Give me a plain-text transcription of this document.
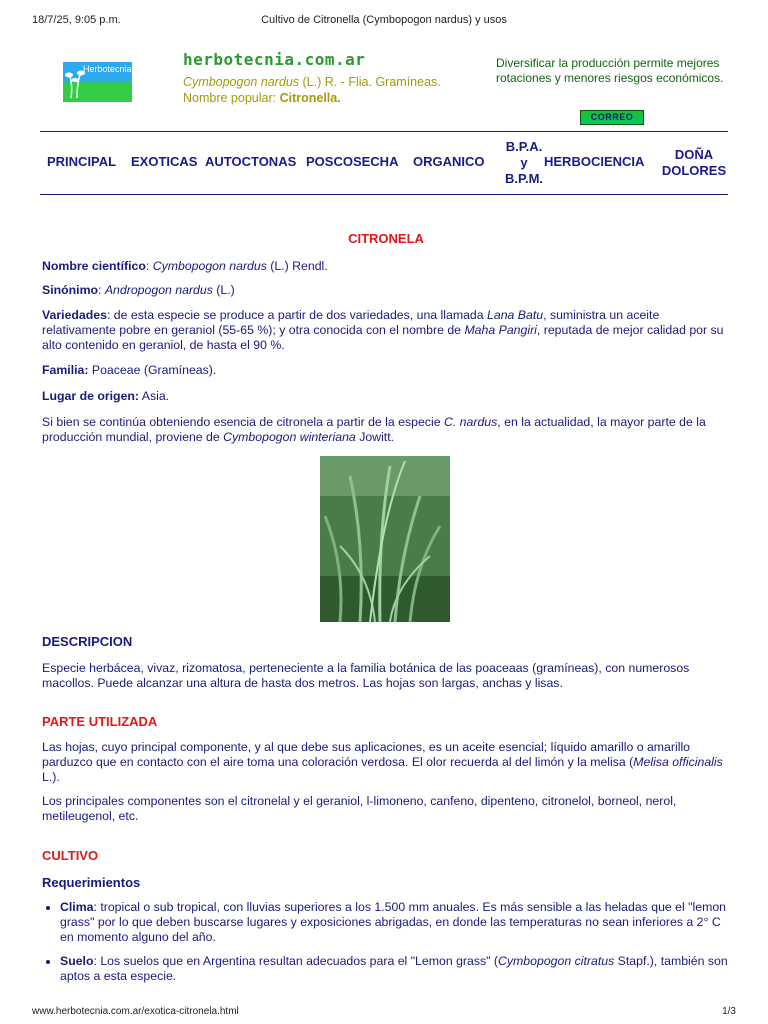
18/7/25, 9:05 p.m.	Cultivo de Citronella (Cymbopogon nardus) y usos
Herbotecnia	herbotecnia.com.ar
Cymbopogon nardus (L.) R. - Flia. Gramíneas.
Nombre popular: Citronella.
Diversificar la producción permite mejores rotaciones y menores riesgos económicos.
CORREO
PRINCIPAL EXOTICAS AUTOCTONAS POSCOSECHA ORGANICO
B.P.A.
y
B.P.M.
HERBOCIENCIA	DOÑA
DOLORES
CITRONELA

Nombre científico: Cymbopogon nardus (L.) Rendl.

Sinónimo: Andropogon nardus (L.)

Variedades: de esta especie se produce a partir de dos variedades, una llamada Lana Batu, suministra un aceite relativamente pobre en geraniol (55-65 %); y otra conocida con el nombre de Maha Pangiri, reputada de mejor calidad por su alto contenido en geraniol, de hasta el 90 %.

Familia: Poaceae (Gramíneas).

Lugar de origen: Asia.

Si bien se continúa obteniendo esencia de citronela a partir de la especie C. nardus, en la actualidad, la mayor parte de la producción mundial, proviene de Cymbopogon winteriana Jowitt.

DESCRIPCION

Especie herbácea, vivaz, rizomatosa, perteneciente a la familia botánica de las poaceaas (gramíneas), con numerosos macollos. Puede alcanzar una altura de hasta dos metros. Las hojas son largas, anchas y lisas.

PARTE UTILIZADA

Las hojas, cuyo principal componente, y al que debe sus aplicaciones, es un aceite esencial; líquido amarillo o amarillo parduzco que en contacto con el aire toma una coloración verdosa. El olor recuerda al del limón y la melisa (Melisa officinalis L.).

Los principales componentes son el citronelal y el geraniol, l-limoneno, canfeno, dipenteno, citronelol, borneol, nerol, metileugenol, etc.

CULTIVO
Requerimientos
• Clima: tropical o sub tropical, con lluvias superiores a los 1.500 mm anuales. Es más sensible a las heladas que el "lemon grass" por lo que deben buscarse lugares y exposiciones abrigadas, en donde las temperaturas no sean inferiores a 2° C en momento alguno del año.
• Suelo: Los suelos que en Argentina resultan adecuados para el "Lemon grass" (Cymbopogon citratus Stapf.), también son aptos a esta especie.
www.herbotecnia.com.ar/exotica-citronela.html	1/3
